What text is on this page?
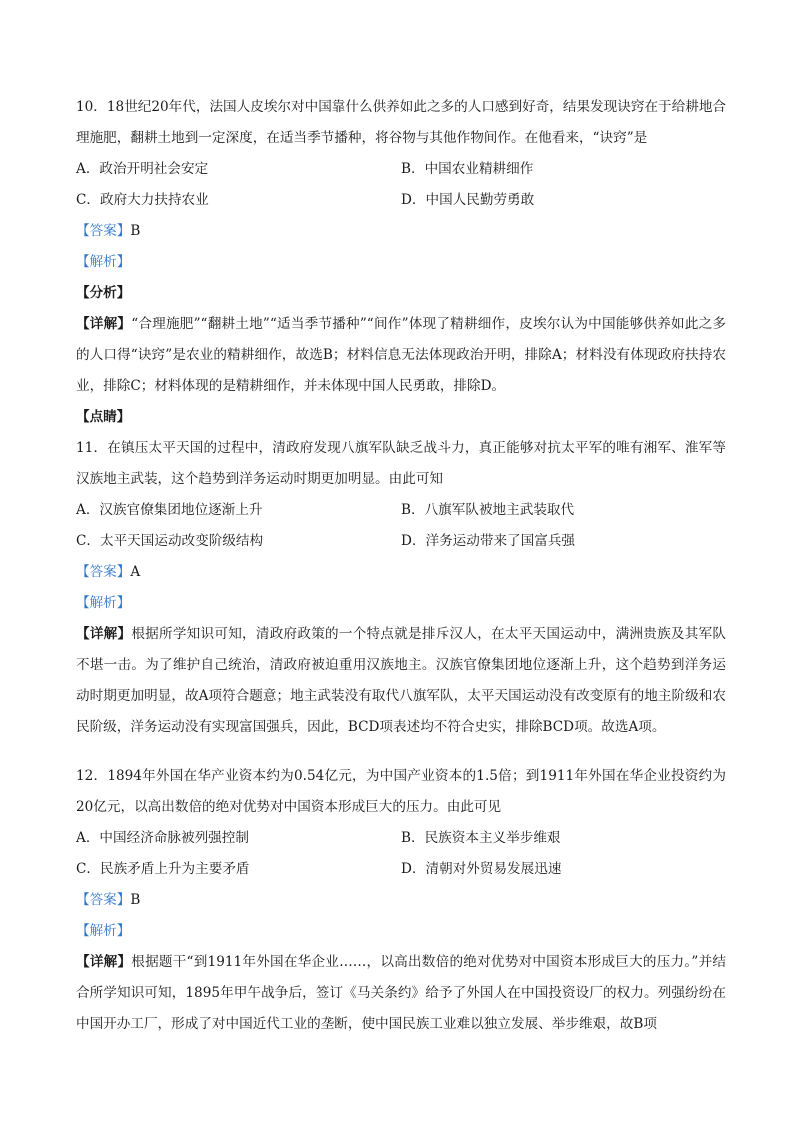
10．18世纪20年代，法国人皮埃尔对中国靠什么供养如此之多的人口感到好奇，结果发现诀窍在于给耕地合理施肥，翻耕土地到一定深度，在适当季节播种，将谷物与其他作物间作。在他看来，“诀窍”是
A．政治开明社会安定	B．中国农业精耕细作
C．政府大力扶持农业	D．中国人民勤劳勇敢
【答案】B
【解析】
【分析】
【详解】“合理施肥”“翻耕土地”“适当季节播种”“间作”体现了精耕细作，皮埃尔认为中国能够供养如此之多的人口得“诀窍”是农业的精耕细作，故选B；材料信息无法体现政治开明，排除A；材料没有体现政府扶持农业，排除C；材料体现的是精耕细作，并未体现中国人民勇敢，排除D。
【点睛】
11．在镇压太平天国的过程中，清政府发现八旗军队缺乏战斗力，真正能够对抗太平军的唯有湘军、淮军等汉族地主武装，这个趋势到洋务运动时期更加明显。由此可知
A．汉族官僚集团地位逐渐上升	B．八旗军队被地主武装取代
C．太平天国运动改变阶级结构	D．洋务运动带来了国富兵强
【答案】A
【解析】
【详解】根据所学知识可知，清政府政策的一个特点就是排斥汉人，在太平天国运动中，满洲贵族及其军队不堪一击。为了维护自己统治，清政府被迫重用汉族地主。汉族官僚集团地位逐渐上升，这个趋势到洋务运动时期更加明显，故A项符合题意；地主武装没有取代八旗军队，太平天国运动没有改变原有的地主阶级和农民阶级，洋务运动没有实现富国强兵，因此，BCD项表述均不符合史实，排除BCD项。故选A项。
12．1894年外国在华产业资本约为0.54亿元，为中国产业资本的1.5倍；到1911年外国在华企业投资约为20亿元，以高出数倍的绝对优势对中国资本形成巨大的压力。由此可见
A．中国经济命脉被列强控制	B．民族资本主义举步维艰
C．民族矛盾上升为主要矛盾	D．清朝对外贸易发展迅速
【答案】B
【解析】
【详解】根据题干“到1911年外国在华企业……，以高出数倍的绝对优势对中国资本形成巨大的压力。”并结合所学知识可知，1895年甲午战争后，签订《马关条约》给予了外国人在中国投资设厂的权力。列强纷纷在中国开办工厂，形成了对中国近代工业的垄断，使中国民族工业难以独立发展、举步维艰，故B项
